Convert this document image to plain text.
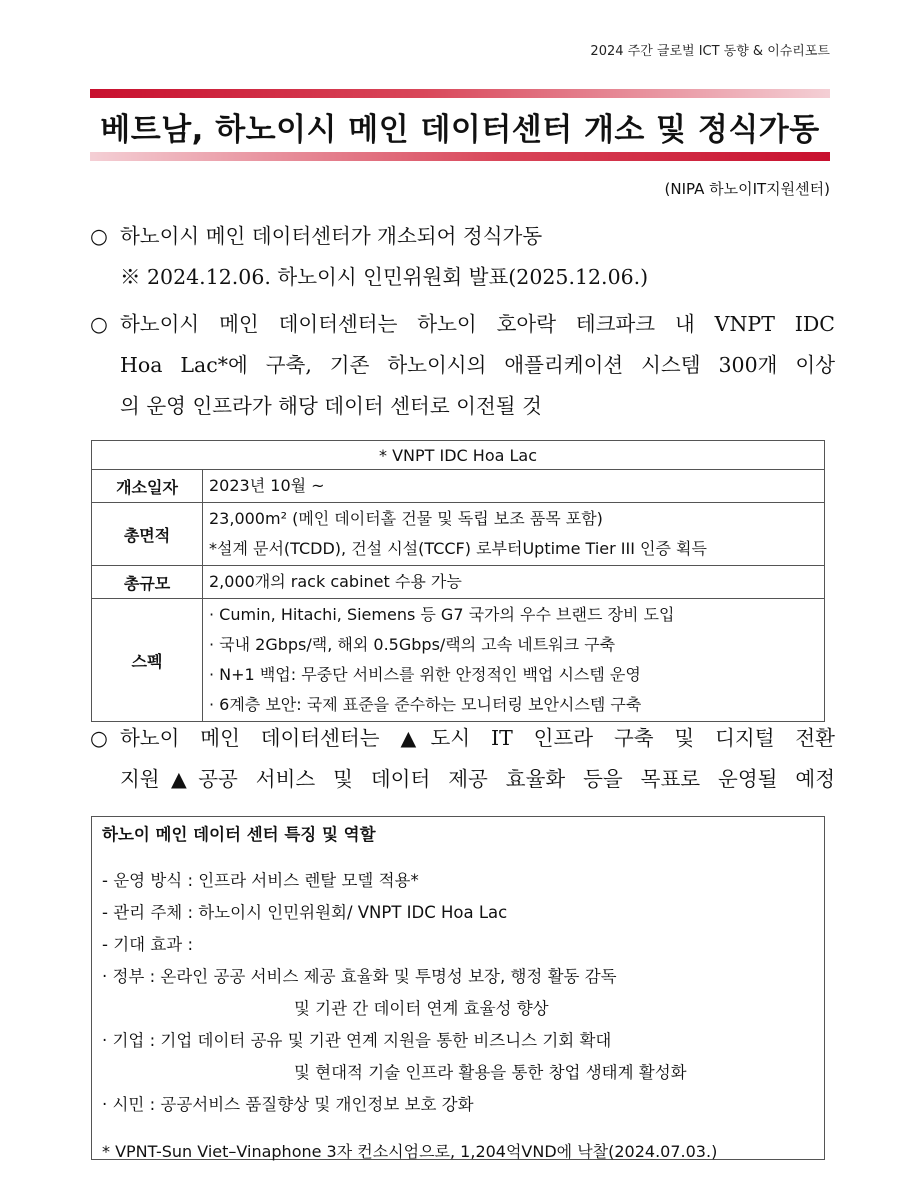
2024 주간 글로벌 ICT 동향 & 이슈리포트
베트남, 하노이시 메인 데이터센터 개소 및 정식가동
(NIPA 하노이IT지원센터)
○ 하노이시 메인 데이터센터가 개소되어 정식가동
※ 2024.12.06. 하노이시 인민위원회 발표(2025.12.06.)
○ 하노이시 메인 데이터센터는 하노이 호아락 테크파크 내 VNPT IDC
Hoa Lac*에 구축, 기존 하노이시의 애플리케이션 시스템 300개 이상
의 운영 인프라가 해당 데이터 센터로 이전될 것
* VNPT IDC Hoa Lac	
개소일자	2023년 10월 ~
총면적	23,000m² (메인 데이터홀 건물 및 독립 보조 품목 포함)
*설계 문서(TCDD), 건설 시설(TCCF) 로부터Uptime Tier III 인증 획득

총규모	2,000개의 rack cabinet 수용 가능
스펙	· Cumin, Hitachi, Siemens 등 G7 국가의 우수 브랜드 장비 도입
· 국내 2Gbps/랙, 해외 0.5Gbps/랙의 고속 네트워크 구축
· N+1 백업: 무중단 서비스를 위한 안정적인 백업 시스템 운영
· 6계층 보안: 국제 표준을 준수하는 모니터링 보안시스템 구축
○ 하노이 메인 데이터센터는 ▲도시 IT 인프라 구축 및 디지털 전환
지원▲공공 서비스 및 데이터 제공 효율화 등을 목표로 운영될 예정
하노이 메인 데이터 센터 특징 및 역할
- 운영 방식 : 인프라 서비스 렌탈 모델 적용*
- 관리 주체 : 하노이시 인민위원회/ VNPT IDC Hoa Lac
- 기대 효과 :
· 정부 : 온라인 공공 서비스 제공 효율화 및 투명성 보장, 행정 활동 감독
및 기관 간 데이터 연계 효율성 향상
· 기업 : 기업 데이터 공유 및 기관 연계 지원을 통한 비즈니스 기회 확대
및 현대적 기술 인프라 활용을 통한 창업 생태계 활성화
· 시민 : 공공서비스 품질향상 및 개인정보 보호 강화
* VPNT-Sun Viet–Vinaphone 3자 컨소시엄으로, 1,204억VND에 낙찰(2024.07.03.)
